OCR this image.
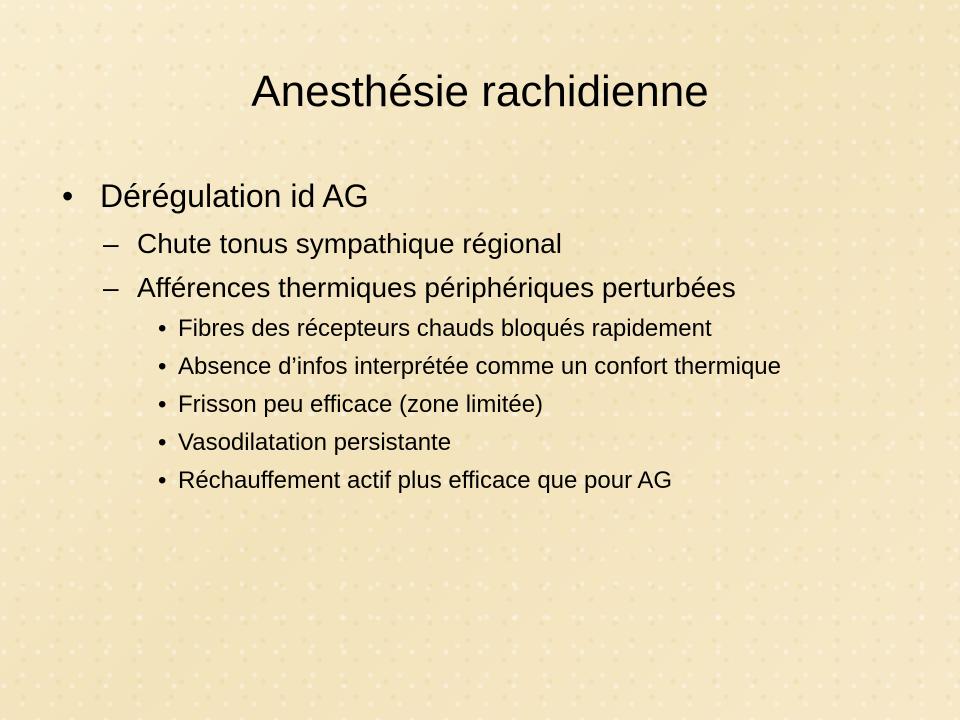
Anesthésie rachidienne
• Dérégulation id AG
– Chute tonus sympathique régional
– Afférences thermiques périphériques perturbées
• Fibres des récepteurs chauds bloqués rapidement
• Absence d’infos interprétée comme un confort thermique
• Frisson peu efficace (zone limitée)
• Vasodilatation persistante
• Réchauffement actif plus efficace que pour AG
